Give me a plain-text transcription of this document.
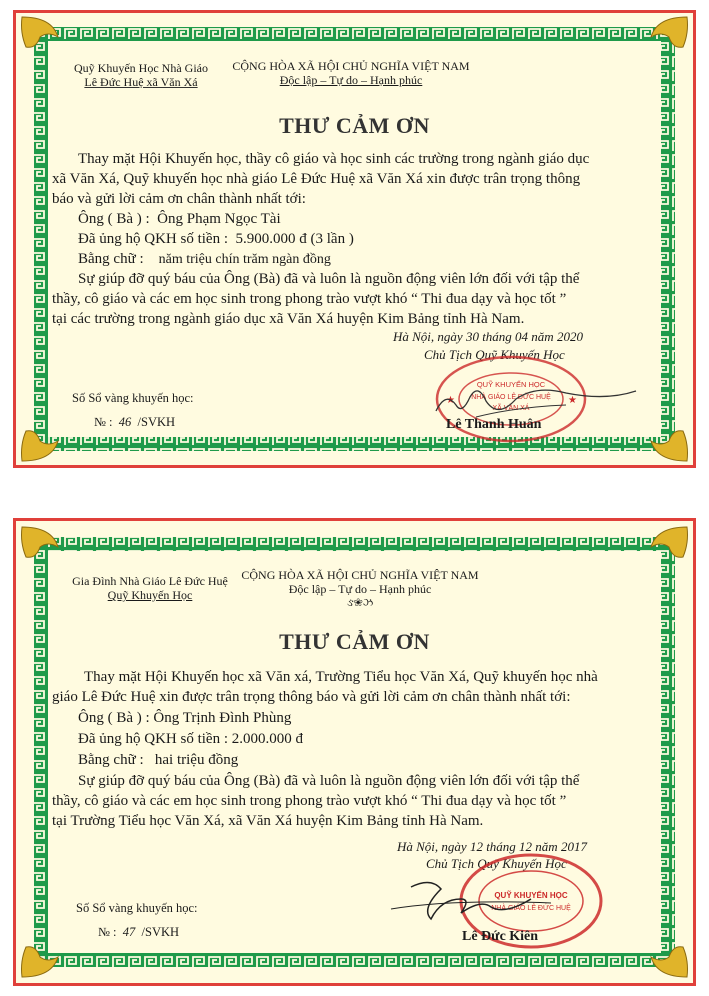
Quỹ Khuyến Học Nhà Giáo
Lê Đức Huệ xã Văn Xá
CỘNG HÒA XÃ HỘI CHỦ NGHĨA VIỆT NAM
Độc lập – Tự do – Hạnh phúc
THƯ CẢM ƠN
Thay mặt Hội Khuyến học, thầy cô giáo và học sinh các trường trong ngành giáo dục
xã Văn Xá, Quỹ khuyến học nhà giáo Lê Đức Huệ xã Văn Xá xin được trân trọng thông
báo và gửi lời cảm ơn chân thành nhất tới:
Ông ( Bà ) : Ông Phạm Ngọc Tài
Đã ủng hộ QKH số tiền : 5.900.000 đ (3 lần )
Bằng chữ : năm triệu chín trăm ngàn đồng
Sự giúp đỡ quý báu của Ông (Bà) đã và luôn là nguồn động viên lớn đối với tập thể
thầy, cô giáo và các em học sinh trong phong trào vượt khó “ Thi đua dạy và học tốt ”
tại các trường trong ngành giáo dục xã Văn Xá huyện Kim Bảng tỉnh Hà Nam.
Hà Nội, ngày 30 tháng 04 năm 2020
Chủ Tịch Quỹ Khuyến Học
Số Sổ vàng khuyến học:
№ : 46 /SVKH
★	★
QUỸ KHUYẾN HỌC
NHÀ GIÁO LÊ ĐỨC HUỆ
XÃ VĂN XÁ
Lê Thanh Huân
Gia Đình Nhà Giáo Lê Đức Huệ
Quỹ Khuyến Học
CỘNG HÒA XÃ HỘI CHỦ NGHĨA VIỆT NAM
Độc lập – Tự do – Hạnh phúc
ઙ❀ઝ
THƯ CẢM ƠN
Thay mặt Hội Khuyến học xã Văn xá, Trường Tiểu học Văn Xá, Quỹ khuyến học nhà
giáo Lê Đức Huệ xin được trân trọng thông báo và gửi lời cảm ơn chân thành nhất tới:
Ông ( Bà ) : Ông Trịnh Đình Phùng
Đã ủng hộ QKH số tiền : 2.000.000 đ
Bằng chữ : hai triệu đồng
Sự giúp đỡ quý báu của Ông (Bà) đã và luôn là nguồn động viên lớn đối với tập thể
thầy, cô giáo và các em học sinh trong phong trào vượt khó “ Thi đua dạy và học tốt ”
tại Trường Tiểu học Văn Xá, xã Văn Xá huyện Kim Bảng tỉnh Hà Nam.
Hà Nội, ngày 12 tháng 12 năm 2017
Chủ Tịch Quỹ Khuyến Học
Số Sổ vàng khuyến học:
№ : 47 /SVKH
QUỸ KHUYẾN HỌC
NHÀ GIÁO LÊ ĐỨC HUỆ
Lê Đức Kiên
